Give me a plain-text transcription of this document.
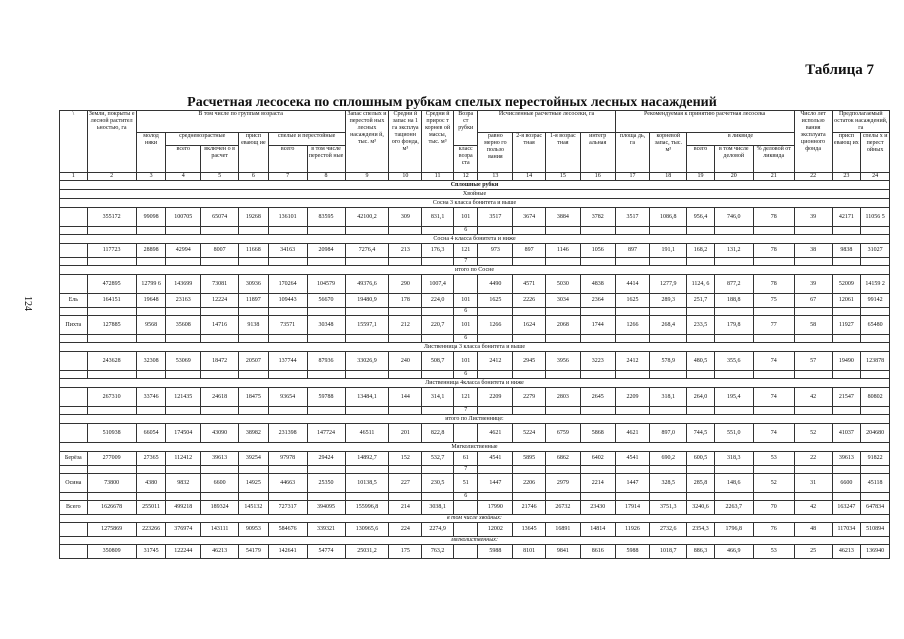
124
Таблица 7
Расчетная лесосека по сплошным рубкам спелых перестойных лесных насаждений
\	Земли, покрыты е лесной растител ьностью, га	В том числе по группам возраста						Запас спелых и перестой ных лесных насаждени й, тыс. м³	Средни й запас на 1 га эксплуа тационн ого фонда, м³	Средни й прирос т корнев ой массы, тыс. м³	Возра ст рубки	Исчисленные расчетные лесосеки, га				Рекомендуемая к принятию расчетная лесосека					Число лет использо вания эксплуата ционного фонда	Предполагаемый остаток насаждений, га	
		молод няки	средневозрастные		присп евающ ие	спелые и перестойные						равно мерно го пользо вания	2-я возрас тная	1-я возрас тная	интегр альная	площа дь, га	корневой запас, тыс. м³	в ликвиде				присп евающ их	спелы х и перест ойных
			всего	включен о в расчет		всего	в том числе перестой ные				класс возра ста							всего	в том числе деловой	% деловой от ликвида			
1	2	3	4	5	6	7	8	9	10	11	12	13	14	15	16	17	18	19	20	21	22	23	24
Сплошные рубки																							
Хвойные																							
Сосна 3 класса бонитета и выше																							
	355172	99098	100705	65074	19268	136101	83595	42100,2	309	831,1	101	3517	3674	3884	3782	3517	1086,8	956,4	746,0	78	39	42171	11056 5
											6												
Сосна 4 класса бонитета и ниже																							
	117723	28898	42994	8007	11668	34163	20984	7276,4	213	176,3	121	973	897	1146	1056	897	191,1	168,2	131,2	78	38	9838	31027
											7												
итого по Сосне																							
	472895	12799 6	143699	73081	30936	170264	104579	49376,6	290	1007,4		4490	4571	5030	4838	4414	1277,9	1124, 6	877,2	78	39	52009	14159 2
Ель	164151	19648	23163	12224	11897	109443	56670	19480,9	178	224,0	101	1625	2226	3034	2364	1625	289,3	251,7	188,8	75	67	12061	99142
											6												
Пихта	127885	9568	35608	14716	9138	73571	30348	15597,1	212	220,7	101	1266	1624	2068	1744	1266	268,4	233,5	179,8	77	58	11927	65480
											6												
Лиственница 3 класса бонитета и выше																							
	243628	32308	53069	18472	20507	137744	87936	33026,9	240	508,7	101	2412	2945	3956	3223	2412	578,9	480,5	355,6	74	57	19490	123878
											6												
Лиственница 4класса бонитета и ниже																							
	267310	33746	121435	24618	18475	93654	59788	13484,1	144	314,1	121	2209	2279	2803	2645	2209	318,1	264,0	195,4	74	42	21547	80802
											7												
итого по Лиственнице:																							
	510938	66054	174504	43090	38982	231398	147724	46511	201	822,8		4621	5224	6759	5868	4621	897,0	744,5	551,0	74	52	41037	204680
Мягколиственные																							
Берёза	277009	27365	112412	39613	39254	97978	29424	14892,7	152	532,7	61	4541	5895	6862	6402	4541	690,2	600,5	318,3	53	22	39613	91822
											7												
Осина	73800	4380	9832	6600	14925	44663	25350	10138,5	227	230,5	51	1447	2206	2979	2214	1447	328,5	285,8	148,6	52	31	6600	45118
											6												
Всего	1626678	255011	499218	189324	145132	727317	394095	155996,8	214	3038,1		17990	21746	26732	23430	17914	3751,3	3240,6	2263,7	70	42	163247	647834
в том числе хвойных:																							
	1275869	223266	376974	143111	90953	584676	339321	130965,6	224	2274,9		12002	13645	16891	14814	11926	2732,6	2354,3	1796,8	76	48	117034	510894
мягколиственных:																							
	350809	31745	122244	46213	54179	142641	54774	25031,2	175	763,2		5988	8101	9841	8616	5988	1018,7	886,3	466,9	53	25	46213	136940
